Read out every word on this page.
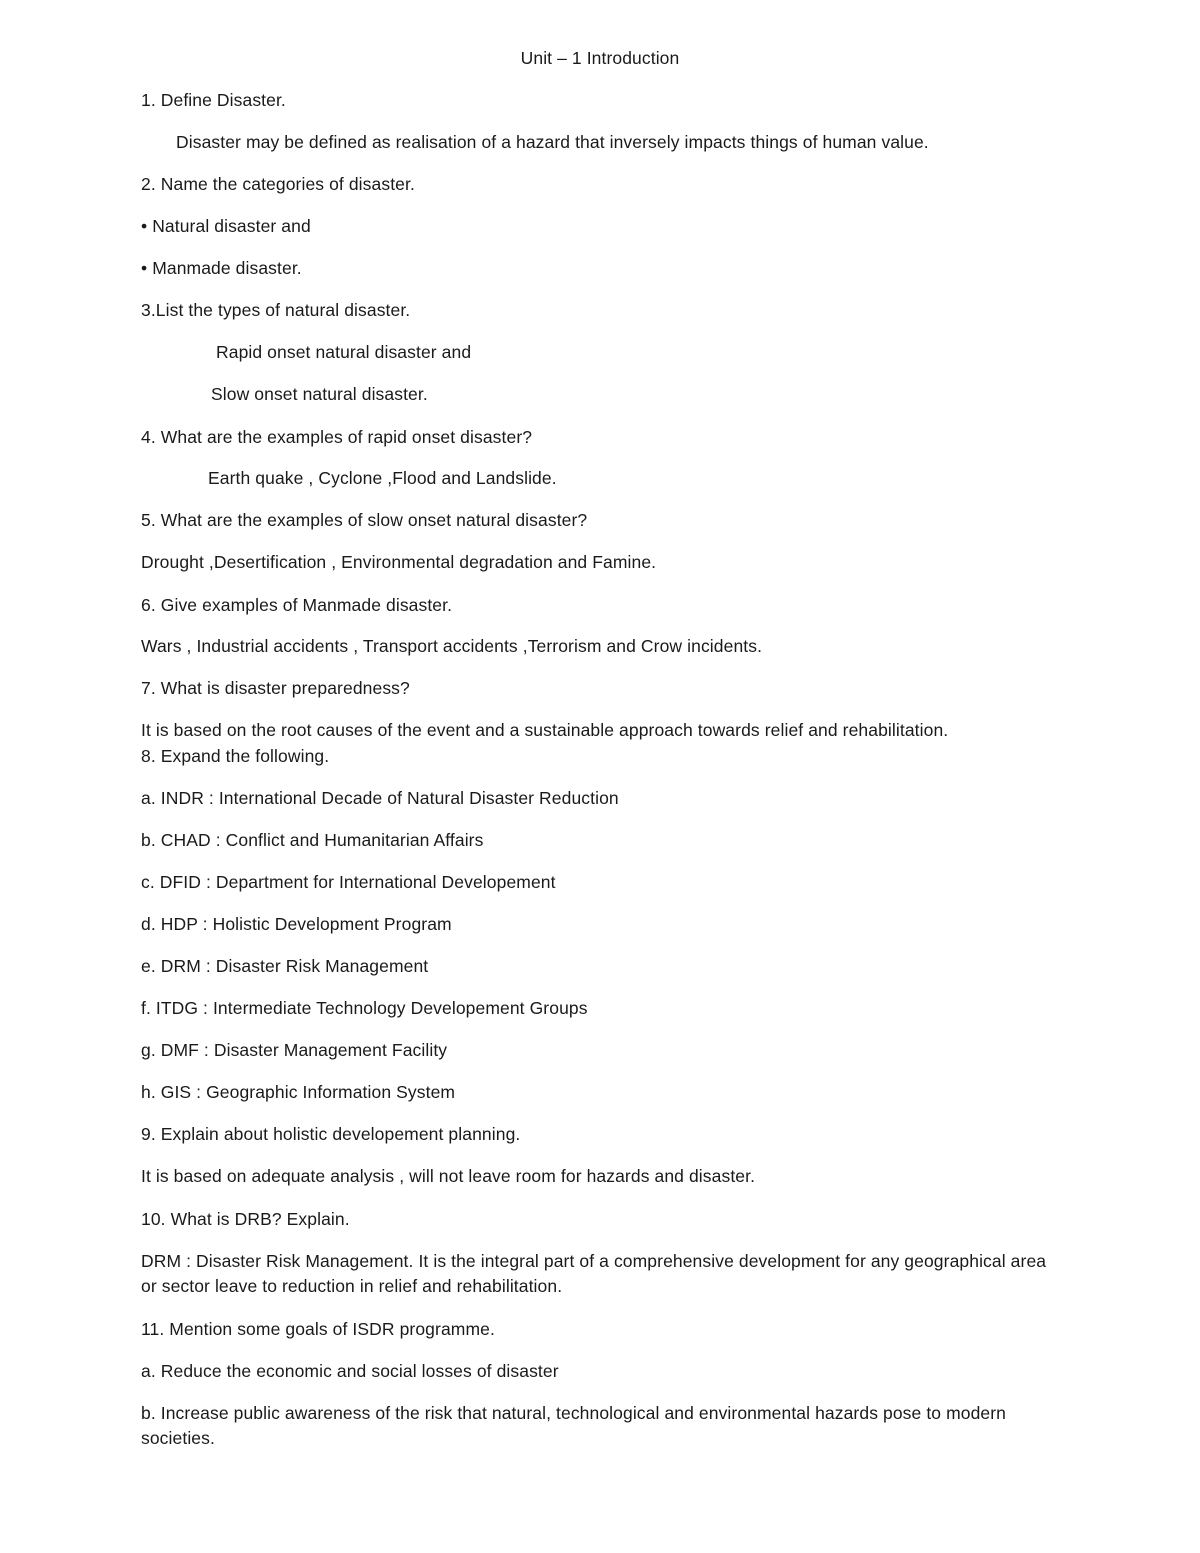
Unit – 1 Introduction
1. Define Disaster.
Disaster may be defined as realisation of a hazard that inversely impacts things of human value.
2. Name the categories of disaster.
• Natural disaster and
• Manmade disaster.
3.List the types of natural disaster.
Rapid onset natural disaster and
Slow onset natural disaster.
4. What are the examples of rapid onset disaster?
Earth quake , Cyclone ,Flood and Landslide.
5. What are the examples of slow onset natural disaster?
Drought ,Desertification , Environmental degradation and Famine.
6. Give examples of Manmade disaster.
Wars , Industrial accidents , Transport accidents ,Terrorism and Crow incidents.
7. What is disaster preparedness?
It is based on the root causes of the event and a sustainable approach towards relief and rehabilitation.
8. Expand the following.
a. INDR : International Decade of Natural Disaster Reduction
b. CHAD : Conflict and Humanitarian Affairs
c. DFID : Department for International Developement
d. HDP : Holistic Development Program
e. DRM : Disaster Risk Management
f. ITDG : Intermediate Technology Developement Groups
g. DMF : Disaster Management Facility
h. GIS : Geographic Information System
9. Explain about holistic developement planning.
It is based on adequate analysis , will not leave room for hazards and disaster.
10. What is DRB? Explain.
DRM : Disaster Risk Management. It is the integral part of a comprehensive development for any geographical area or sector leave to reduction in relief and rehabilitation.
11. Mention some goals of ISDR programme.
a. Reduce the economic and social losses of disaster
b. Increase public awareness of the risk that natural, technological and environmental hazards pose to modern societies.
